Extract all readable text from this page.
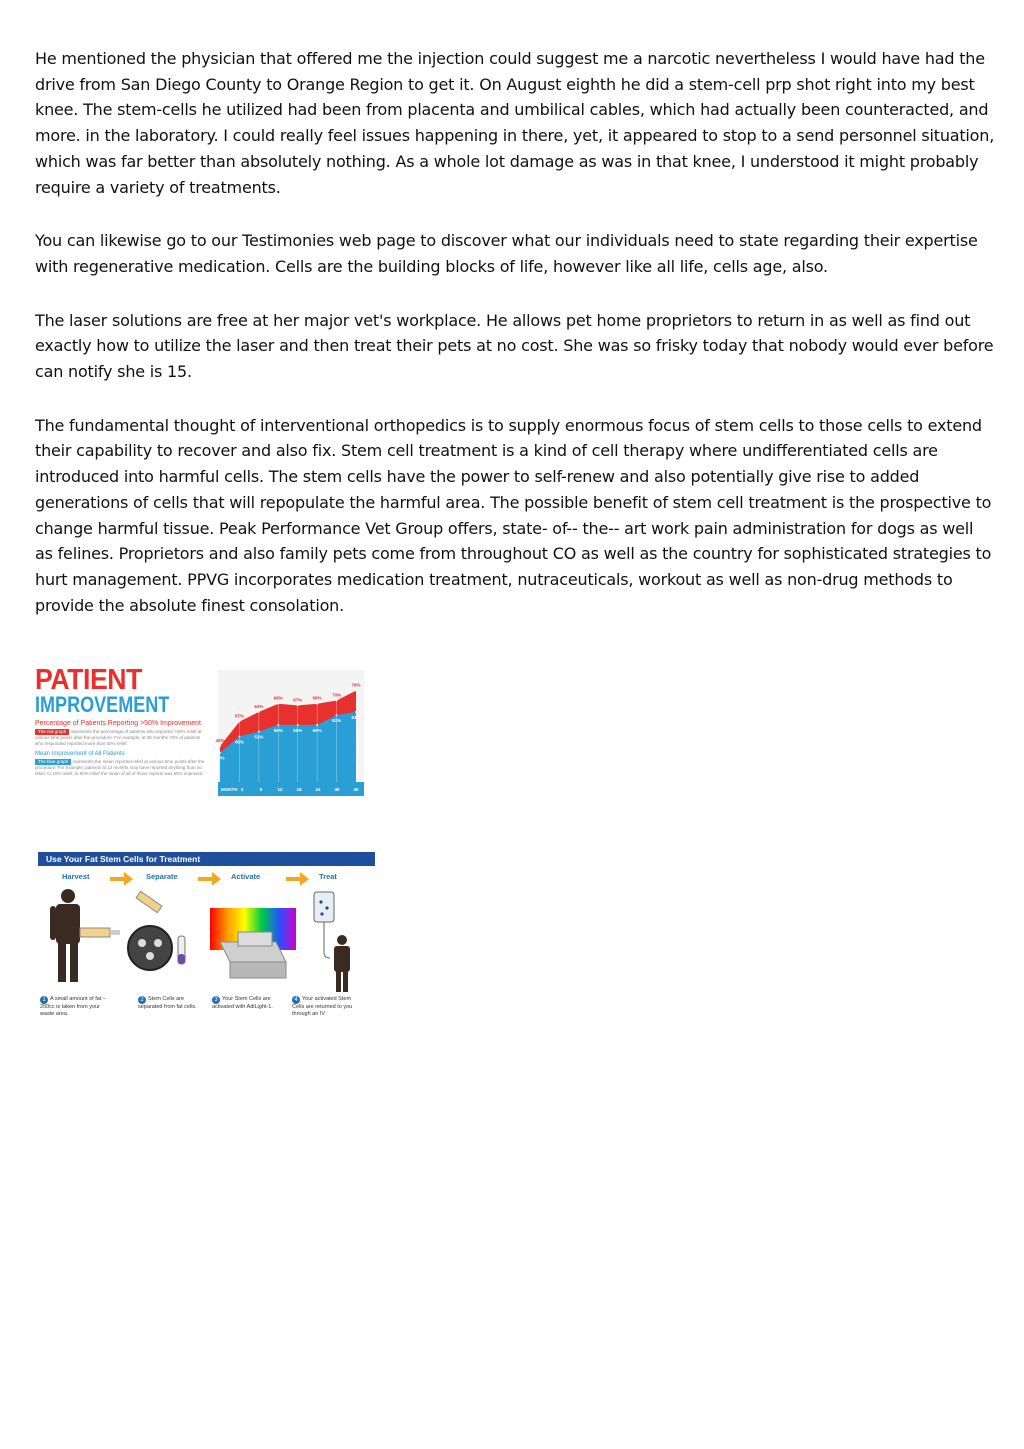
He mentioned the physician that offered me the injection could suggest me a narcotic nevertheless I would have had the drive from San Diego County to Orange Region to get it. On August eighth he did a stem-cell prp shot right into my best knee. The stem-cells he utilized had been from placenta and umbilical cables, which had actually been counteracted, and more. in the laboratory. I could really feel issues happening in there, yet, it appeared to stop to a send personnel situation, which was far better than absolutely nothing. As a whole lot damage as was in that knee, I understood it might probably require a variety of treatments.

You can likewise go to our Testimonies web page to discover what our individuals need to state regarding their expertise with regenerative medication. Cells are the building blocks of life, however like all life, cells age, also.

The laser solutions are free at her major vet's workplace. He allows pet home proprietors to return in as well as find out exactly how to utilize the laser and then treat their pets at no cost. She was so frisky today that nobody would ever before can notify she is 15.

The fundamental thought of interventional orthopedics is to supply enormous focus of stem cells to those cells to extend their capability to recover and also fix. Stem cell treatment is a kind of cell therapy where undifferentiated cells are introduced into harmful cells. The stem cells have the power to self-renew and also potentially give rise to added generations of cells that will repopulate the harmful area. The possible benefit of stem cell treatment is the prospective to change harmful tissue. Peak Performance Vet Group offers, state- of-- the-- art work pain administration for dogs as well as felines. Proprietors and also family pets come from throughout CO as well as the country for sophisticated strategies to hurt management. PPVG incorporates medication treatment, nutraceuticals, workout as well as non-drug methods to provide the absolute finest consolation.

PATIENT
IMPROVEMENT
Percentage of Patients Reporting >50% Improvement
The red graph represents the percentage of patients who reported >50% relief at various time points after the procedure. For example, at 36 months 70% of patients who responded reported more than 50% relief.
Mean Improvement of All Patients
The blue graph represents the mean reported relief at various time points after the procedure. For example, patients at 12 months may have reported anything from no relief, to 10% relief, to 90% relief the mean of all of those reports was 55% improved.
42%
57%
63%
68% 67% 68%
70%
76%
38%
48%
51%
55% 55% 55%
61%
63%
MONTH 3	6	12	18	24	30	40
PATIENT IMPROVEMENT
Use Your Fat Stem Cells for Treatment
Harvest	Separate	Activate	Treat
1 A small amount of fat – 200cc is taken from your waste area.
2 Stem Cells are separated from fat cells.
3 Your Stem Cells are activated with AdiLight-1.
4 Your activated Stem Cells are returned to you through an IV
